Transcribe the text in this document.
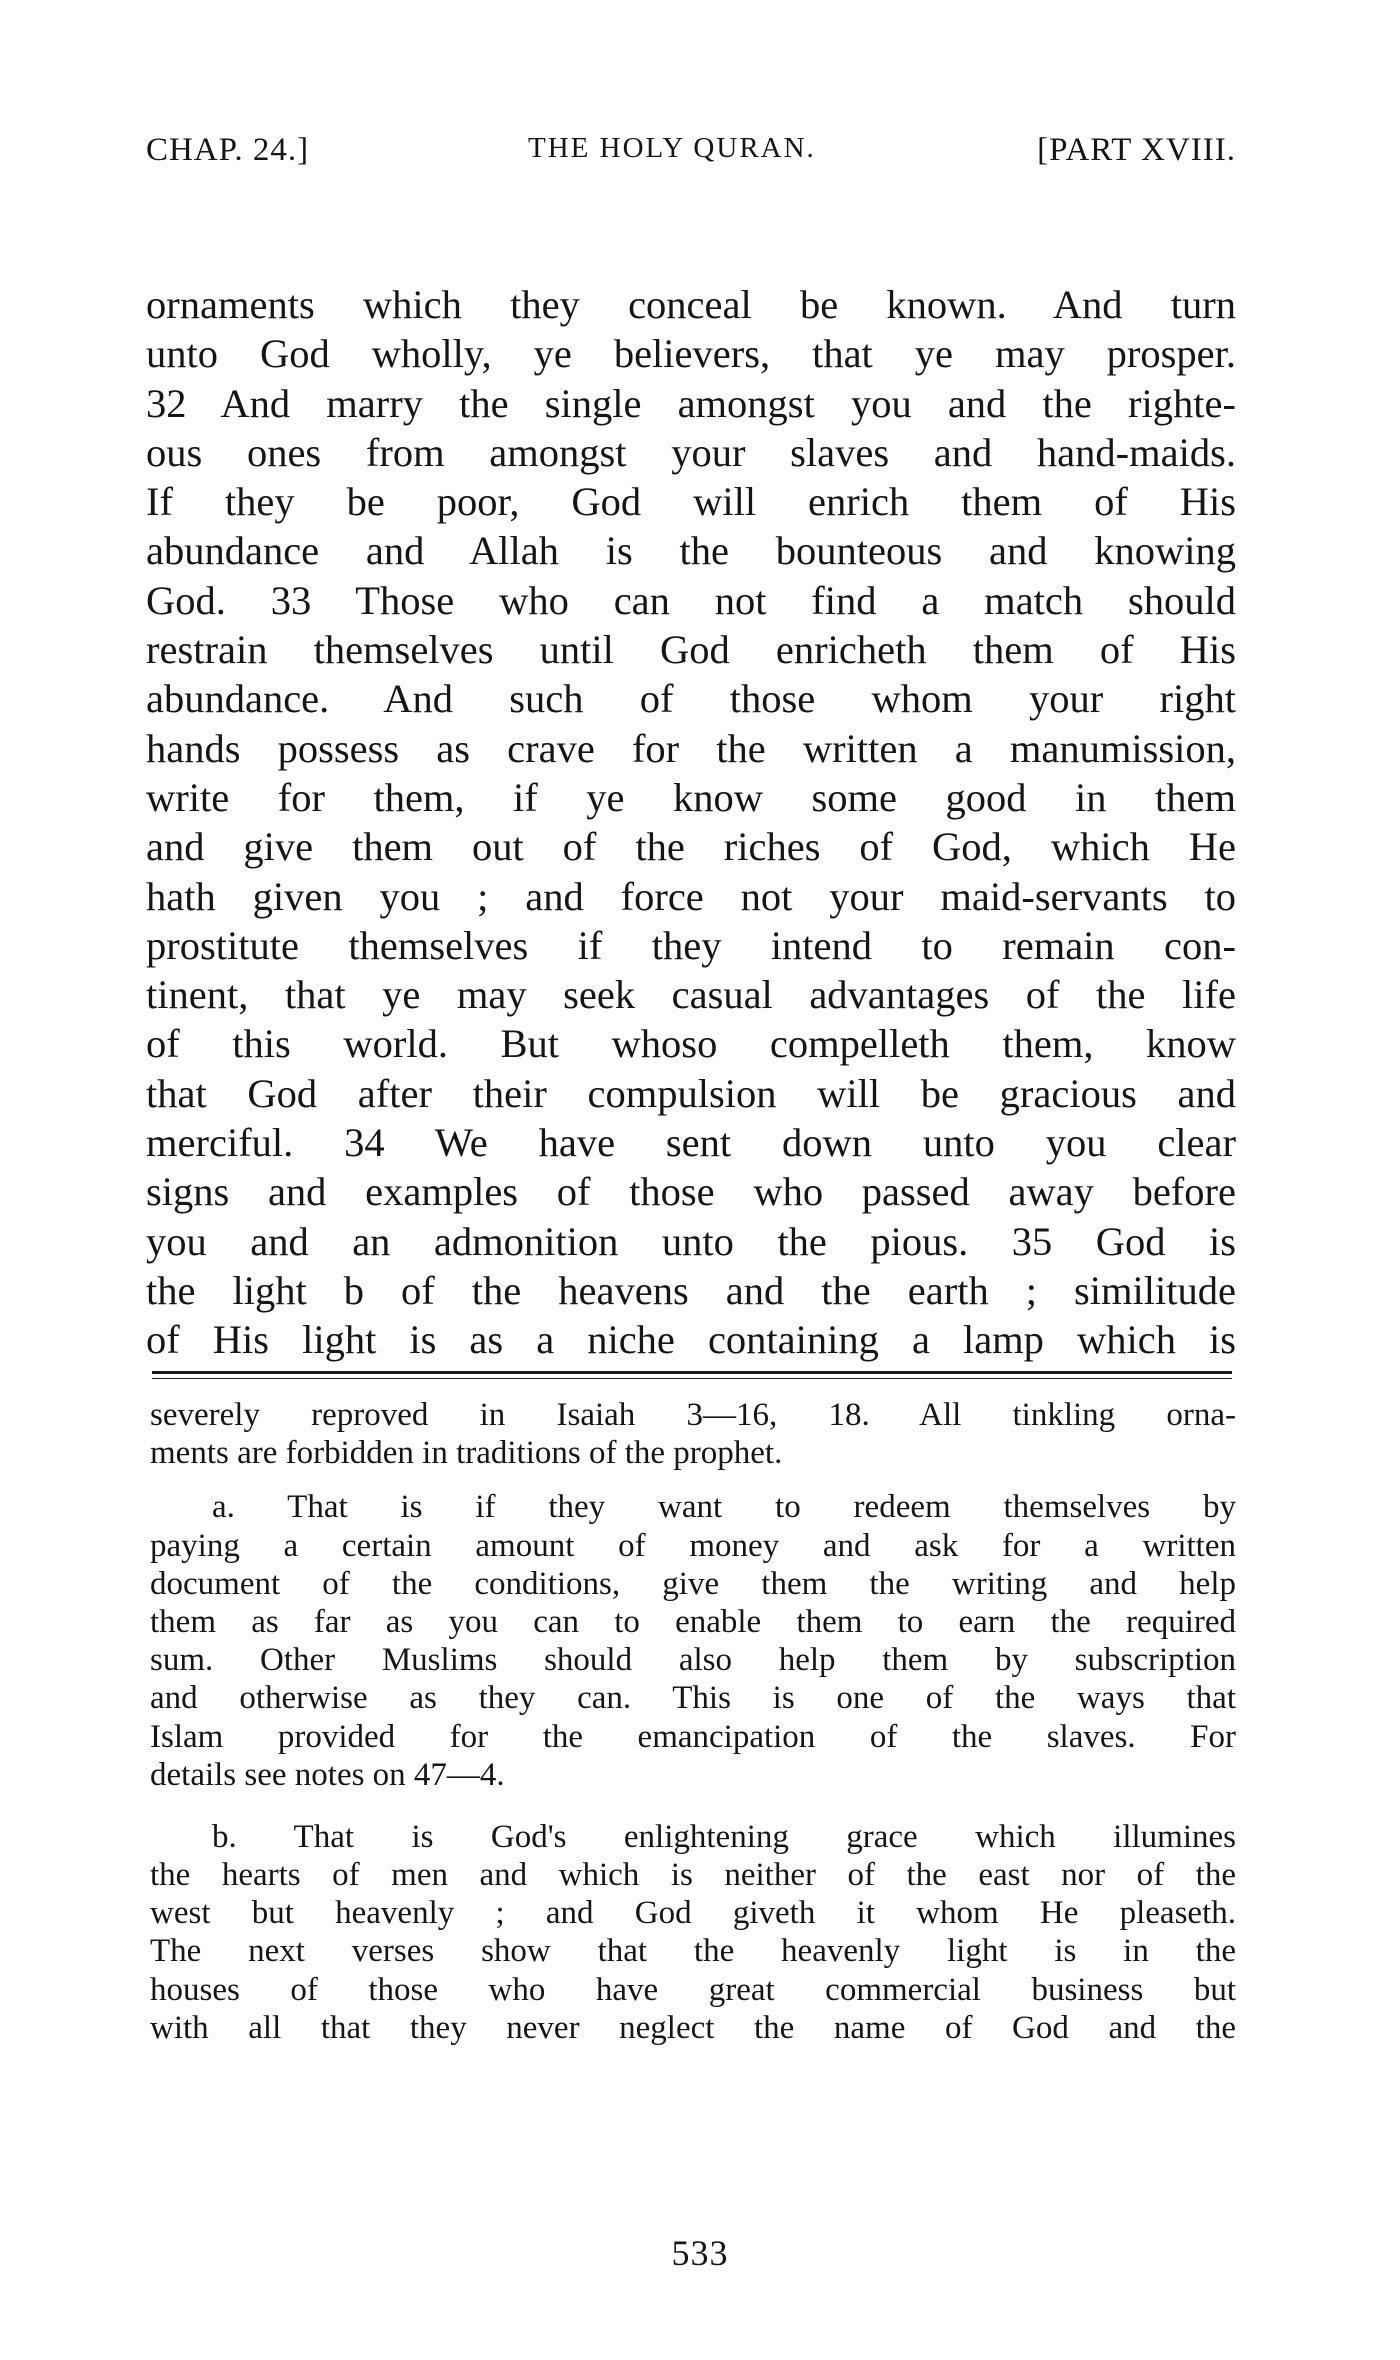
CHAP. 24.]	THE HOLY QURAN.	[PART XVIII.
ornaments which they conceal be known. And turn
unto God wholly, ye believers, that ye may prosper.
32 And marry the single amongst you and the righte-
ous ones from amongst your slaves and hand-maids.
If they be poor, God will enrich them of His
abundance and Allah is the bounteous and knowing
God. 33 Those who can not find a match should
restrain themselves until God enricheth them of His
abundance. And such of those whom your right
hands possess as crave for the written a manumission,
write for them, if ye know some good in them
and give them out of the riches of God, which He
hath given you ; and force not your maid-servants to
prostitute themselves if they intend to remain con-
tinent, that ye may seek casual advantages of the life
of this world. But whoso compelleth them, know
that God after their compulsion will be gracious and
merciful. 34 We have sent down unto you clear
signs and examples of those who passed away before
you and an admonition unto the pious. 35 God is
the light b of the heavens and the earth ; similitude
of His light is as a niche containing a lamp which is
severely reproved in Isaiah 3—16, 18. All tinkling orna-
ments are forbidden in traditions of the prophet.
a. That is if they want to redeem themselves by
paying a certain amount of money and ask for a written
document of the conditions, give them the writing and help
them as far as you can to enable them to earn the required
sum. Other Muslims should also help them by subscription
and otherwise as they can. This is one of the ways that
Islam provided for the emancipation of the slaves. For
details see notes on 47—4.
b. That is God's enlightening grace which illumines
the hearts of men and which is neither of the east nor of the
west but heavenly ; and God giveth it whom He pleaseth.
The next verses show that the heavenly light is in the
houses of those who have great commercial business but
with all that they never neglect the name of God and the
533
